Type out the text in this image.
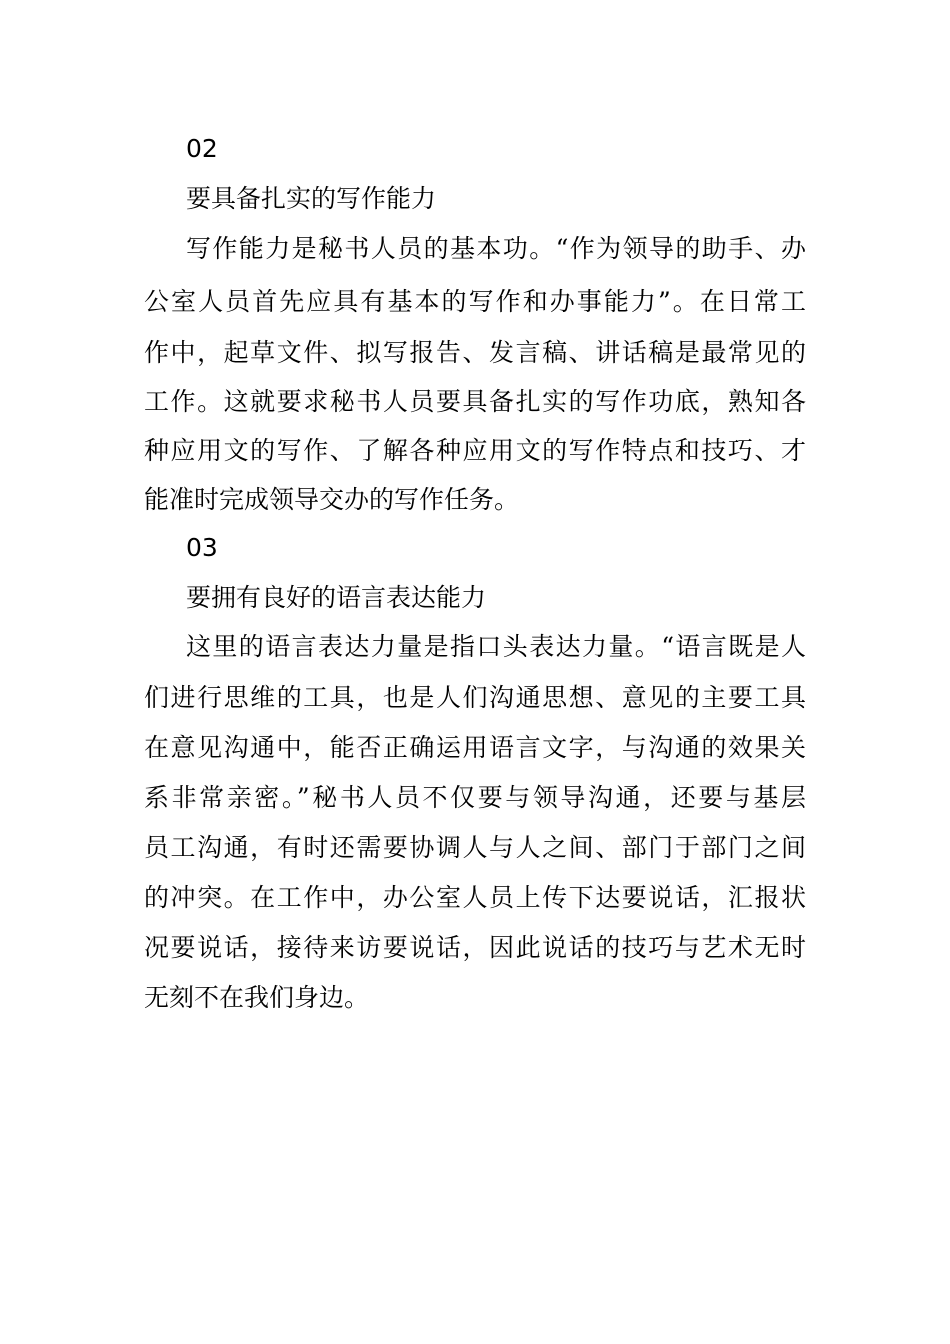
02
要具备扎实的写作能力
写作能力是秘书人员的基本功。“作为领导的助手、办
公室人员首先应具有基本的写作和办事能力”。在日常工
作中，起草文件、拟写报告、发言稿、讲话稿是最常见的
工作。这就要求秘书人员要具备扎实的写作功底，熟知各
种应用文的写作、了解各种应用文的写作特点和技巧、才
能准时完成领导交办的写作任务。
03
要拥有良好的语言表达能力
这里的语言表达力量是指口头表达力量。“语言既是人
们进行思维的工具，也是人们沟通思想、意见的主要工具
在意见沟通中，能否正确运用语言文字，与沟通的效果关
系非常亲密。”秘书人员不仅要与领导沟通，还要与基层
员工沟通，有时还需要协调人与人之间、部门于部门之间
的冲突。在工作中，办公室人员上传下达要说话，汇报状
况要说话，接待来访要说话，因此说话的技巧与艺术无时
无刻不在我们身边。
